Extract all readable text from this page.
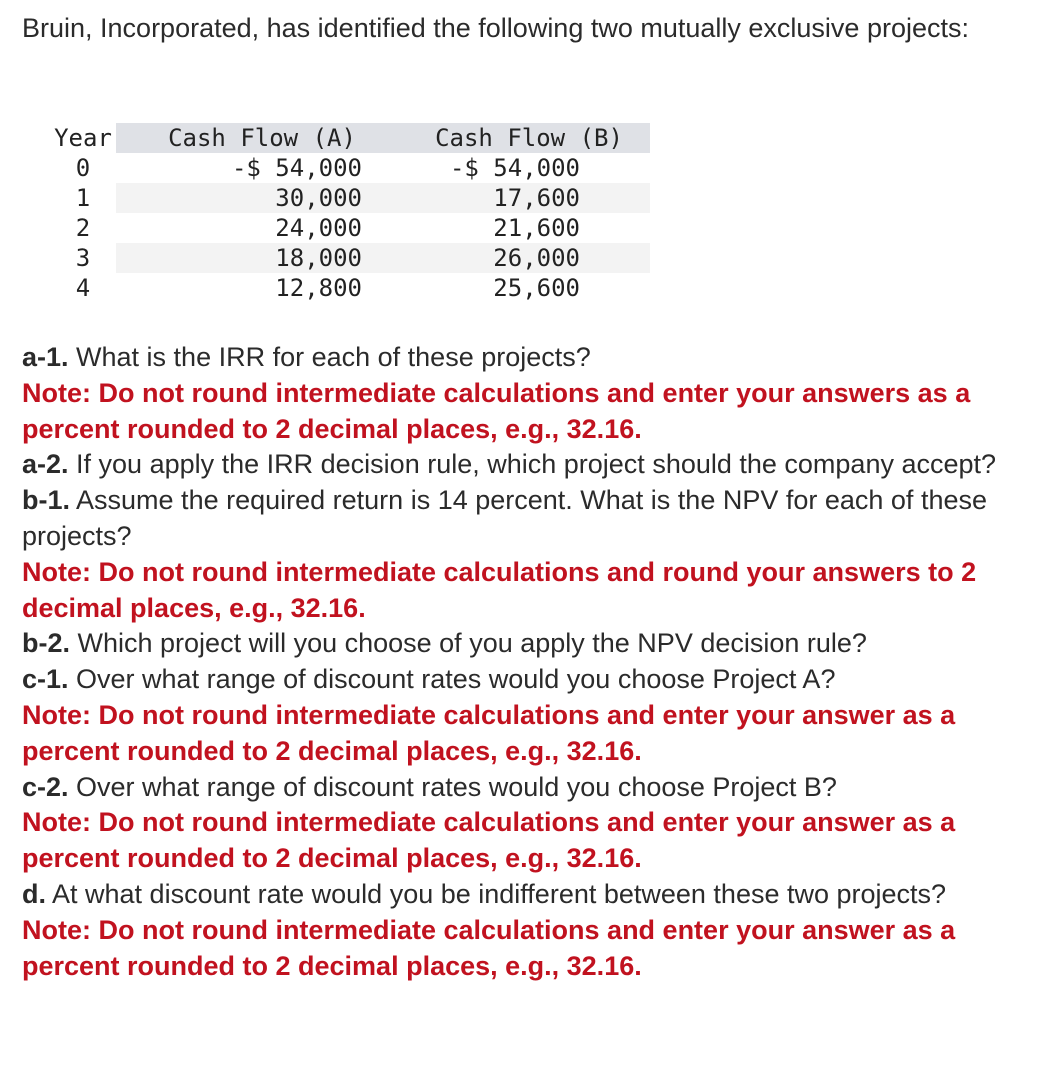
Bruin, Incorporated, has identified the following two mutually exclusive projects:

Year	Cash Flow (A)	Cash Flow (B)
0	-$ 54,000	-$ 54,000
1	30,000	17,600
2	24,000	21,600
3	18,000	26,000
4	12,800	25,600

a-1. What is the IRR for each of these projects?

Note: Do not round intermediate calculations and enter your answers as a percent rounded to 2 decimal places, e.g., 32.16.

a-2. If you apply the IRR decision rule, which project should the company accept?

b-1. Assume the required return is 14 percent. What is the NPV for each of these projects?

Note: Do not round intermediate calculations and round your answers to 2 decimal places, e.g., 32.16.

b-2. Which project will you choose of you apply the NPV decision rule?

c-1. Over what range of discount rates would you choose Project A?

Note: Do not round intermediate calculations and enter your answer as a percent rounded to 2 decimal places, e.g., 32.16.

c-2. Over what range of discount rates would you choose Project B?

Note: Do not round intermediate calculations and enter your answer as a percent rounded to 2 decimal places, e.g., 32.16.

d. At what discount rate would you be indifferent between these two projects?

Note: Do not round intermediate calculations and enter your answer as a percent rounded to 2 decimal places, e.g., 32.16.
